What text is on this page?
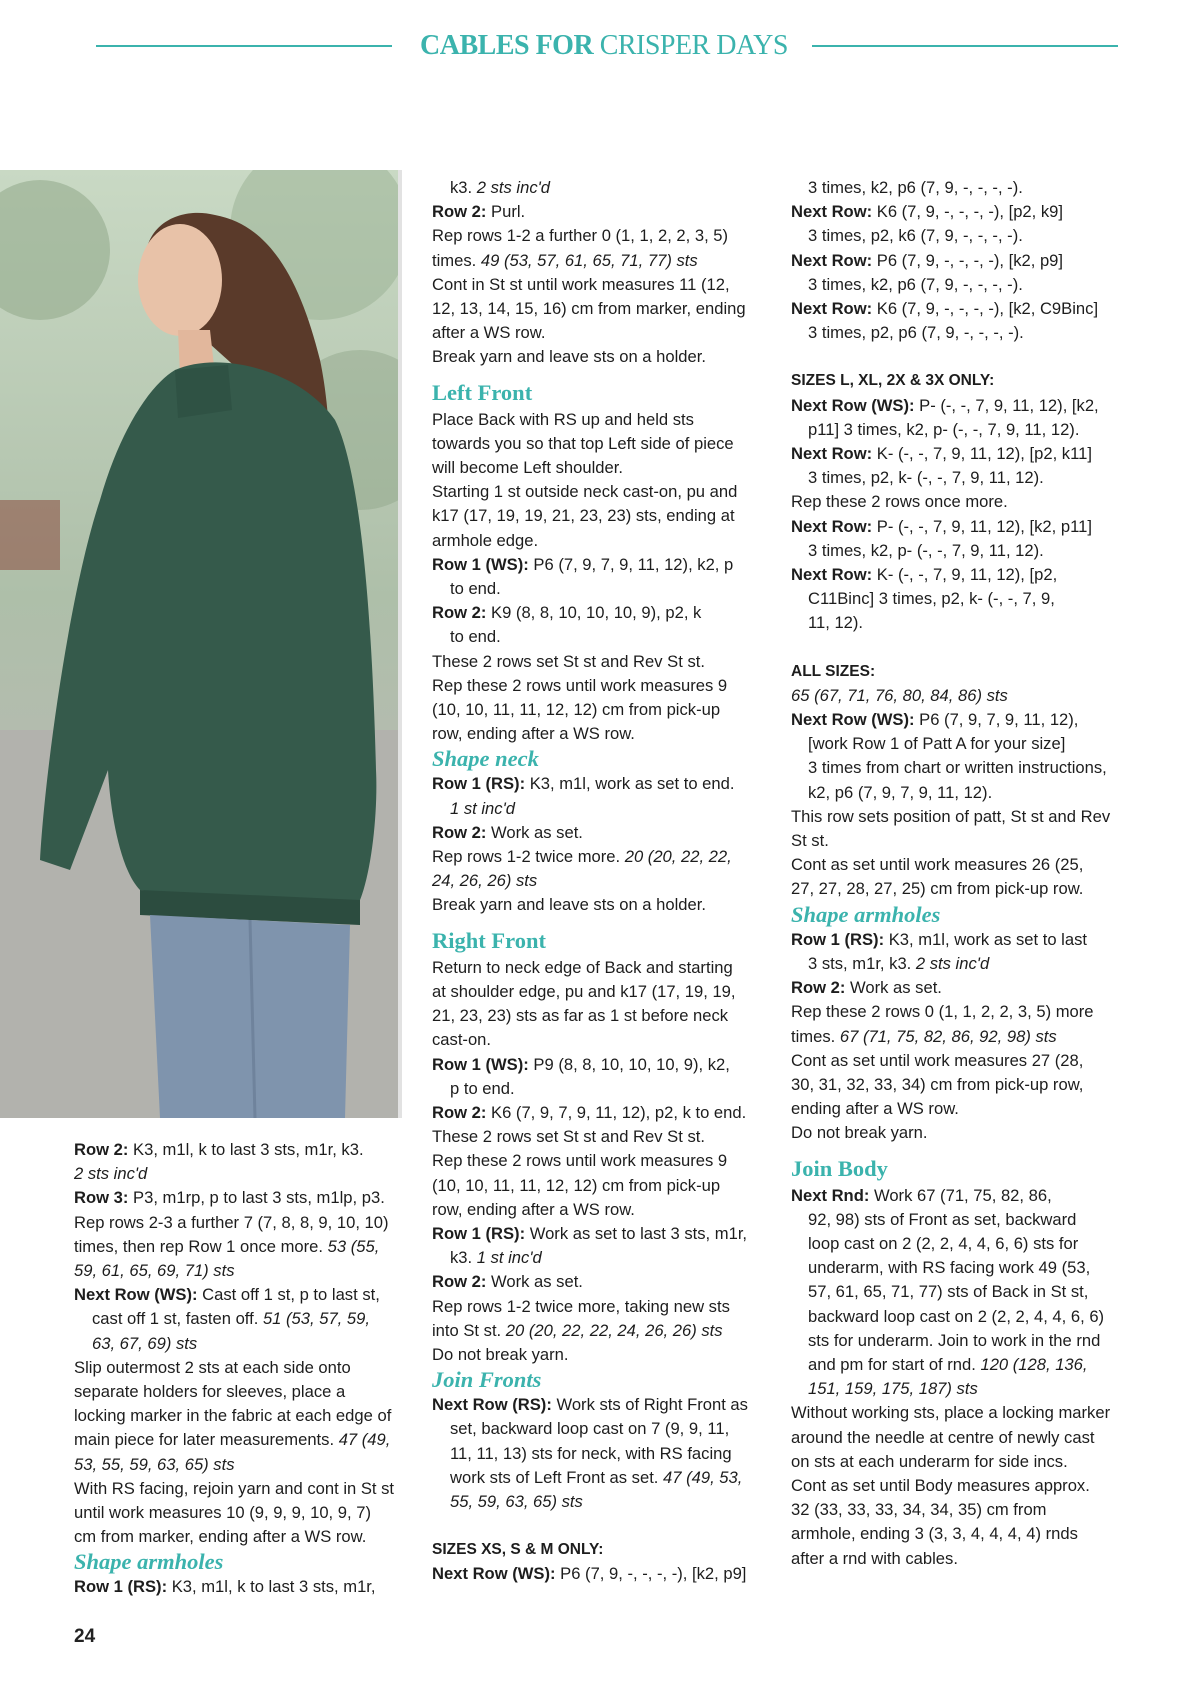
CABLES FOR CRISPER DAYS

Row 2: K3, m1l, k to last 3 sts, m1r, k3.

2 sts inc'd

Row 3: P3, m1rp, p to last 3 sts, m1lp, p3.

Rep rows 2-3 a further 7 (7, 8, 8, 9, 10, 10)

times, then rep Row 1 once more. 53 (55,

59, 61, 65, 69, 71) sts

Next Row (WS): Cast off 1 st, p to last st,

cast off 1 st, fasten off. 51 (53, 57, 59,

63, 67, 69) sts

Slip outermost 2 sts at each side onto

separate holders for sleeves, place a

locking marker in the fabric at each edge of

main piece for later measurements. 47 (49,

53, 55, 59, 63, 65) sts

With RS facing, rejoin yarn and cont in St st

until work measures 10 (9, 9, 9, 10, 9, 7)

cm from marker, ending after a WS row.

Shape armholes

Row 1 (RS): K3, m1l, k to last 3 sts, m1r,

k3. 2 sts inc'd

Row 2: Purl.

Rep rows 1-2 a further 0 (1, 1, 2, 2, 3, 5)

times. 49 (53, 57, 61, 65, 71, 77) sts

Cont in St st until work measures 11 (12,

12, 13, 14, 15, 16) cm from marker, ending

after a WS row.

Break yarn and leave sts on a holder.

Left Front

Place Back with RS up and held sts

towards you so that top Left side of piece

will become Left shoulder.

Starting 1 st outside neck cast-on, pu and

k17 (17, 19, 19, 21, 23, 23) sts, ending at

armhole edge.

Row 1 (WS): P6 (7, 9, 7, 9, 11, 12), k2, p

to end.

Row 2: K9 (8, 8, 10, 10, 10, 9), p2, k

to end.

These 2 rows set St st and Rev St st.

Rep these 2 rows until work measures 9

(10, 10, 11, 11, 12, 12) cm from pick-up

row, ending after a WS row.

Shape neck

Row 1 (RS): K3, m1l, work as set to end.

1 st inc'd

Row 2: Work as set.

Rep rows 1-2 twice more. 20 (20, 22, 22,

24, 26, 26) sts

Break yarn and leave sts on a holder.

Right Front

Return to neck edge of Back and starting

at shoulder edge, pu and k17 (17, 19, 19,

21, 23, 23) sts as far as 1 st before neck

cast-on.

Row 1 (WS): P9 (8, 8, 10, 10, 10, 9), k2,

p to end.

Row 2: K6 (7, 9, 7, 9, 11, 12), p2, k to end.

These 2 rows set St st and Rev St st.

Rep these 2 rows until work measures 9

(10, 10, 11, 11, 12, 12) cm from pick-up

row, ending after a WS row.

Row 1 (RS): Work as set to last 3 sts, m1r,

k3. 1 st inc'd

Row 2: Work as set.

Rep rows 1-2 twice more, taking new sts

into St st. 20 (20, 22, 22, 24, 26, 26) sts

Do not break yarn.

Join Fronts

Next Row (RS): Work sts of Right Front as

set, backward loop cast on 7 (9, 9, 11,

11, 11, 13) sts for neck, with RS facing

work sts of Left Front as set. 47 (49, 53,

55, 59, 63, 65) sts

SIZES XS, S & M ONLY:

Next Row (WS): P6 (7, 9, -, -, -, -), [k2, p9]

3 times, k2, p6 (7, 9, -, -, -, -).

Next Row: K6 (7, 9, -, -, -, -), [p2, k9]

3 times, p2, k6 (7, 9, -, -, -, -).

Next Row: P6 (7, 9, -, -, -, -), [k2, p9]

3 times, k2, p6 (7, 9, -, -, -, -).

Next Row: K6 (7, 9, -, -, -, -), [k2, C9Binc]

3 times, p2, p6 (7, 9, -, -, -, -).

SIZES L, XL, 2X & 3X ONLY:

Next Row (WS): P- (-, -, 7, 9, 11, 12), [k2,

p11] 3 times, k2, p- (-, -, 7, 9, 11, 12).

Next Row: K- (-, -, 7, 9, 11, 12), [p2, k11]

3 times, p2, k- (-, -, 7, 9, 11, 12).

Rep these 2 rows once more.

Next Row: P- (-, -, 7, 9, 11, 12), [k2, p11]

3 times, k2, p- (-, -, 7, 9, 11, 12).

Next Row: K- (-, -, 7, 9, 11, 12), [p2,

C11Binc] 3 times, p2, k- (-, -, 7, 9,

11, 12).

ALL SIZES:

65 (67, 71, 76, 80, 84, 86) sts

Next Row (WS): P6 (7, 9, 7, 9, 11, 12),

[work Row 1 of Patt A for your size]

3 times from chart or written instructions,

k2, p6 (7, 9, 7, 9, 11, 12).

This row sets position of patt, St st and Rev

St st.

Cont as set until work measures 26 (25,

27, 27, 28, 27, 25) cm from pick-up row.

Shape armholes

Row 1 (RS): K3, m1l, work as set to last

3 sts, m1r, k3. 2 sts inc'd

Row 2: Work as set.

Rep these 2 rows 0 (1, 1, 2, 2, 3, 5) more

times. 67 (71, 75, 82, 86, 92, 98) sts

Cont as set until work measures 27 (28,

30, 31, 32, 33, 34) cm from pick-up row,

ending after a WS row.

Do not break yarn.

Join Body

Next Rnd: Work 67 (71, 75, 82, 86,

92, 98) sts of Front as set, backward

loop cast on 2 (2, 2, 4, 4, 6, 6) sts for

underarm, with RS facing work 49 (53,

57, 61, 65, 71, 77) sts of Back in St st,

backward loop cast on 2 (2, 2, 4, 4, 6, 6)

sts for underarm. Join to work in the rnd

and pm for start of rnd. 120 (128, 136,

151, 159, 175, 187) sts

Without working sts, place a locking marker

around the needle at centre of newly cast

on sts at each underarm for side incs.

Cont as set until Body measures approx.

32 (33, 33, 33, 34, 34, 35) cm from

armhole, ending 3 (3, 3, 4, 4, 4, 4) rnds

after a rnd with cables.

24
